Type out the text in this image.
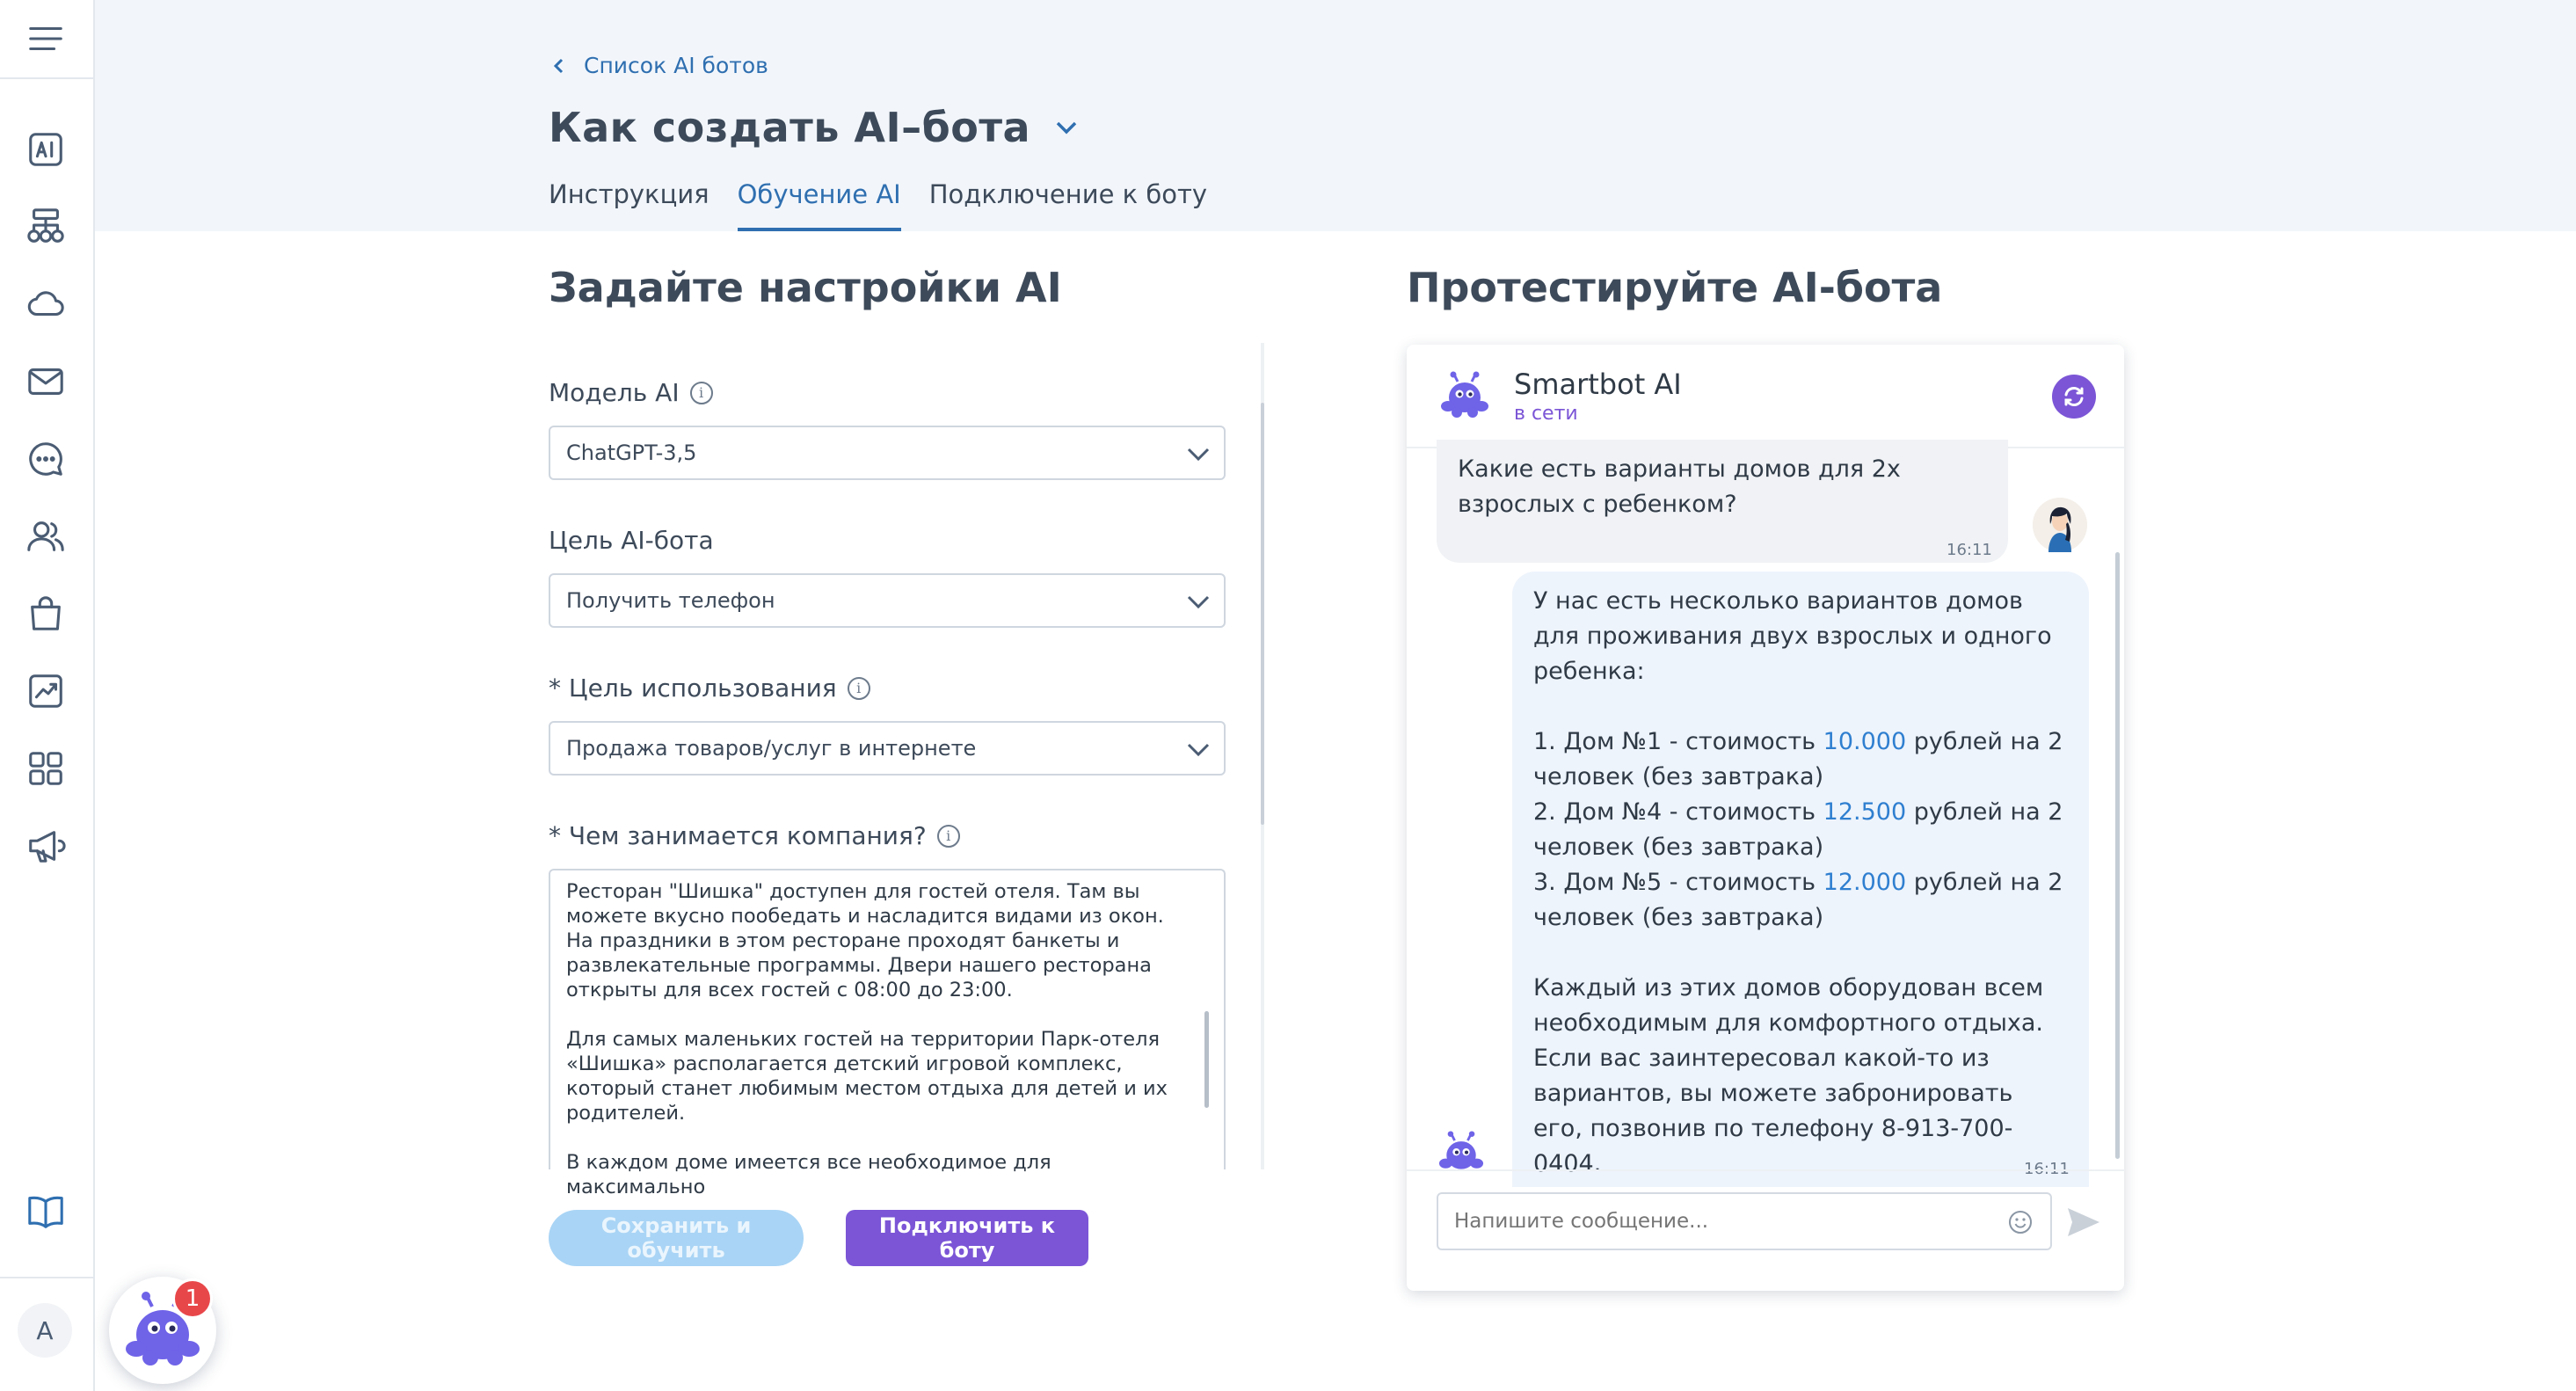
A
1
Список AI ботов
Как создать AI–бота
Инструкция Обучение AI Подключение к боту
Задайте настройки AI
Модель AI	i
ChatGPT-3,5
Цель AI-бота
Получить телефон
* Цель использования	i
Продажа товаров/услуг в интернете
* Чем занимается компания?	i
Ресторан "Шишка" доступен для гостей отеля. Там вы можете вкусно пообедать и насладится видами из окон. На праздники в этом ресторане проходят банкеты и развлекательные программы. Двери нашего ресторана открыты для всех гостей с 08:00 до 23:00.

Для самых маленьких гостей на территории Парк-отеля «Шишка» располагается детский игровой комплекс, который станет любимым местом отдыха для детей и их родителей.

В каждом доме имеется все необходимое для максимально
Сохранить и обучить
Подключить к боту
Протестируйте AI-бота
Smartbot AI
в сети
Какие есть варианты домов для 2х взрослых с ребенком?
16:11
У нас есть несколько вариантов домов для проживания двух взрослых и одного ребенка:

1. Дом №1 - стоимость 10.000 рублей на 2 человек (без завтрака)
2. Дом №4 - стоимость 12.500 рублей на 2 человек (без завтрака)
3. Дом №5 - стоимость 12.000 рублей на 2 человек (без завтрака)

Каждый из этих домов оборудован всем необходимым для комфортного отдыха. Если вас заинтересовал какой-то из вариантов, вы можете забронировать его, позвонив по телефону 8-913-700-0404.	16:11
Напишите сообщение...
